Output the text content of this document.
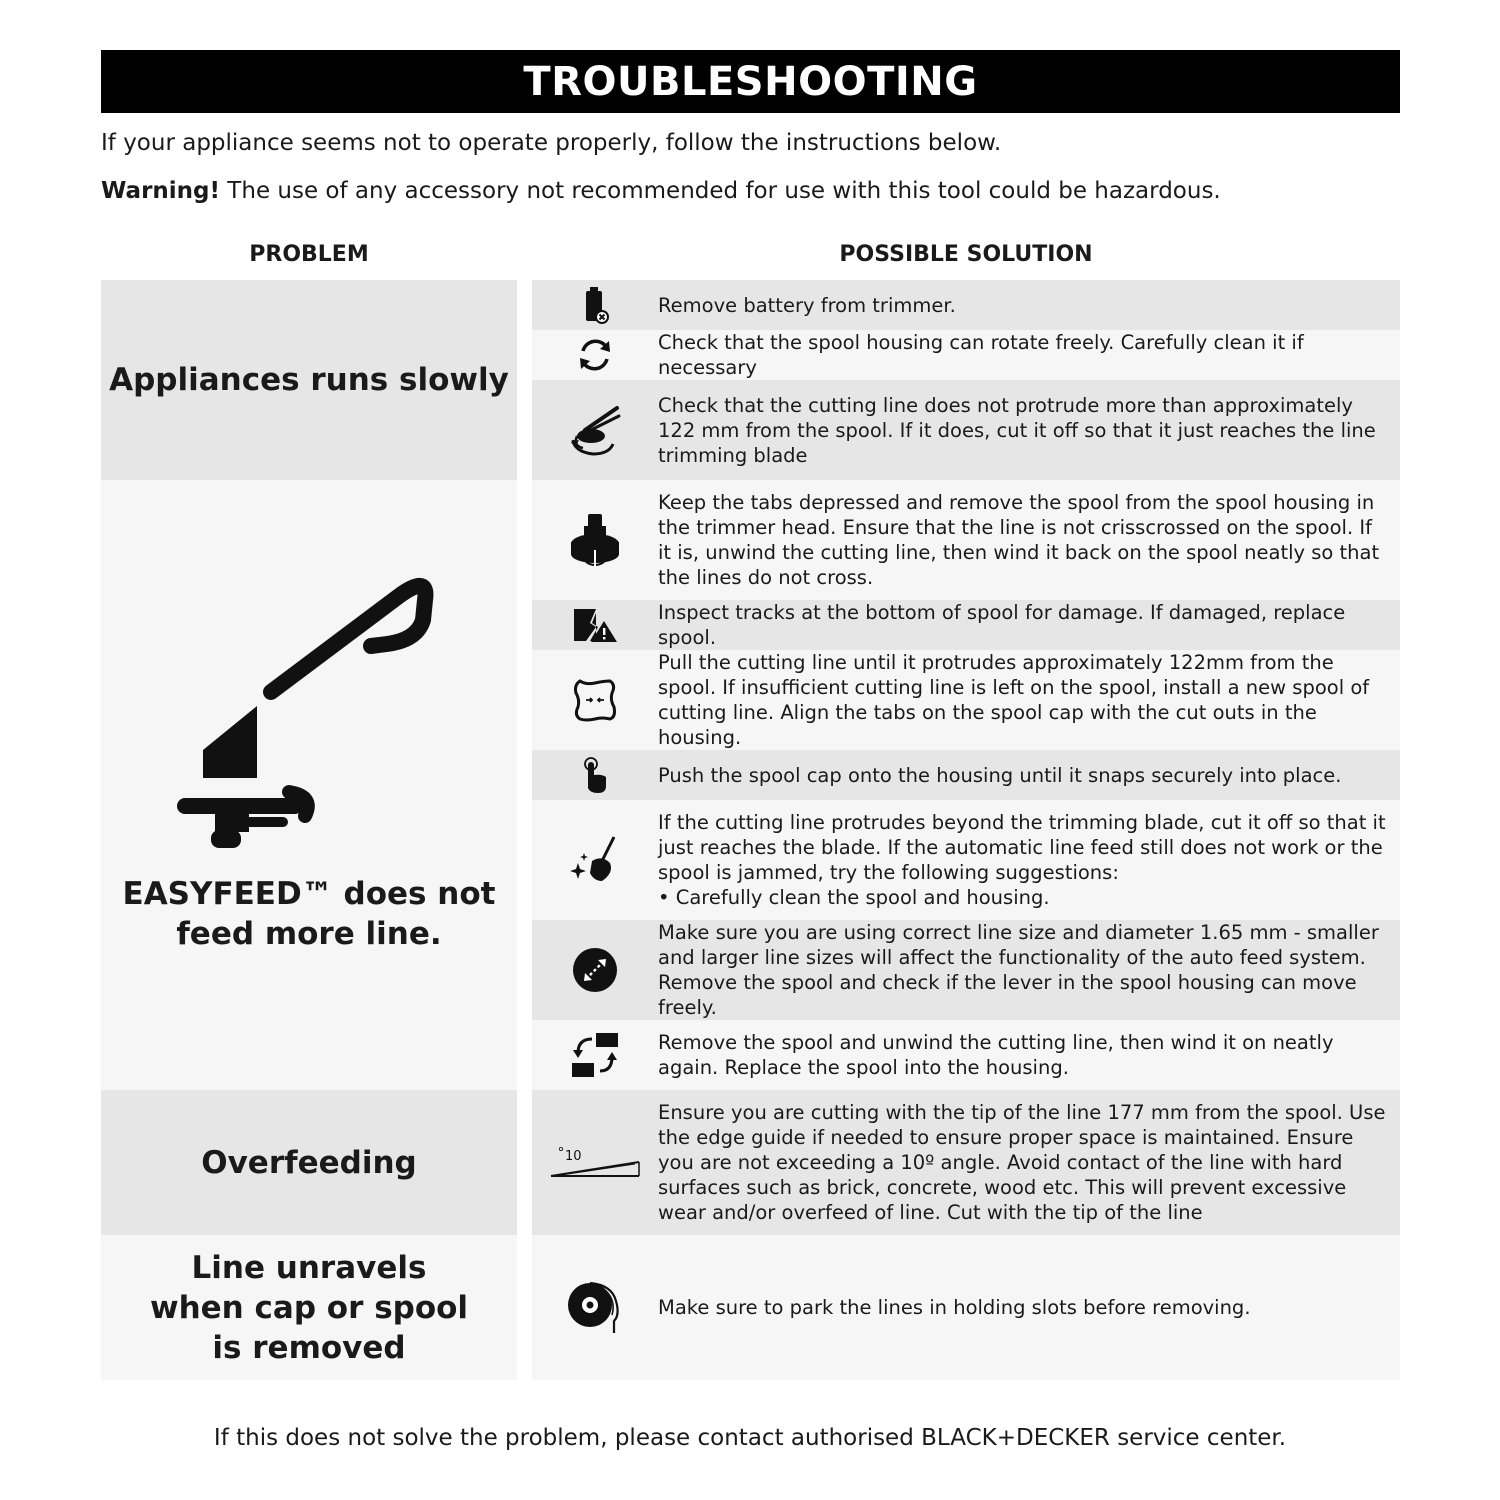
TROUBLESHOOTING
If your appliance seems not to operate properly, follow the instructions below.
Warning! The use of any accessory not recommended for use with this tool could be hazardous.
PROBLEM	POSSIBLE SOLUTION
Appliances runs slowly
EASYFEED™ does not feed more line.
Overfeeding
Line unravels when cap or spool is removed
Remove battery from trimmer.
Check that the spool housing can rotate freely. Carefully clean it if necessary
Check that the cutting line does not protrude more than approximately
122 mm from the spool. If it does, cut it off so that it just reaches the line trimming blade
Keep the tabs depressed and remove the spool from the spool housing in the trimmer head. Ensure that the line is not crisscrossed on the spool. If it is, unwind the cutting line, then wind it back on the spool neatly so that the lines do not cross.
Inspect tracks at the bottom of spool for damage. If damaged, replace spool.
Pull the cutting line until it protrudes approximately 122mm from the spool. If insufficient cutting line is left on the spool, install a new spool of cutting line. Align the tabs on the spool cap with the cut outs in the housing.
Push the spool cap onto the housing until it snaps securely into place.
If the cutting line protrudes beyond the trimming blade, cut it off so that it just reaches the blade. If the automatic line feed still does not work or the spool is jammed, try the following suggestions:
• Carefully clean the spool and housing.
Make sure you are using correct line size and diameter 1.65 mm - smaller and larger line sizes will affect the functionality of the auto feed system. Remove the spool and check if the lever in the spool housing can move freely.
Remove the spool and unwind the cutting line, then wind it on neatly again. Replace the spool into the housing.
10
Ensure you are cutting with the tip of the line 177 mm from the spool. Use the edge guide if needed to ensure proper space is maintained. Ensure you are not exceeding a 10º angle. Avoid contact of the line with hard surfaces such as brick, concrete, wood etc. This will prevent excessive wear and/or overfeed of line. Cut with the tip of the line
Make sure to park the lines in holding slots before removing.
If this does not solve the problem, please contact authorised BLACK+DECKER service center.
